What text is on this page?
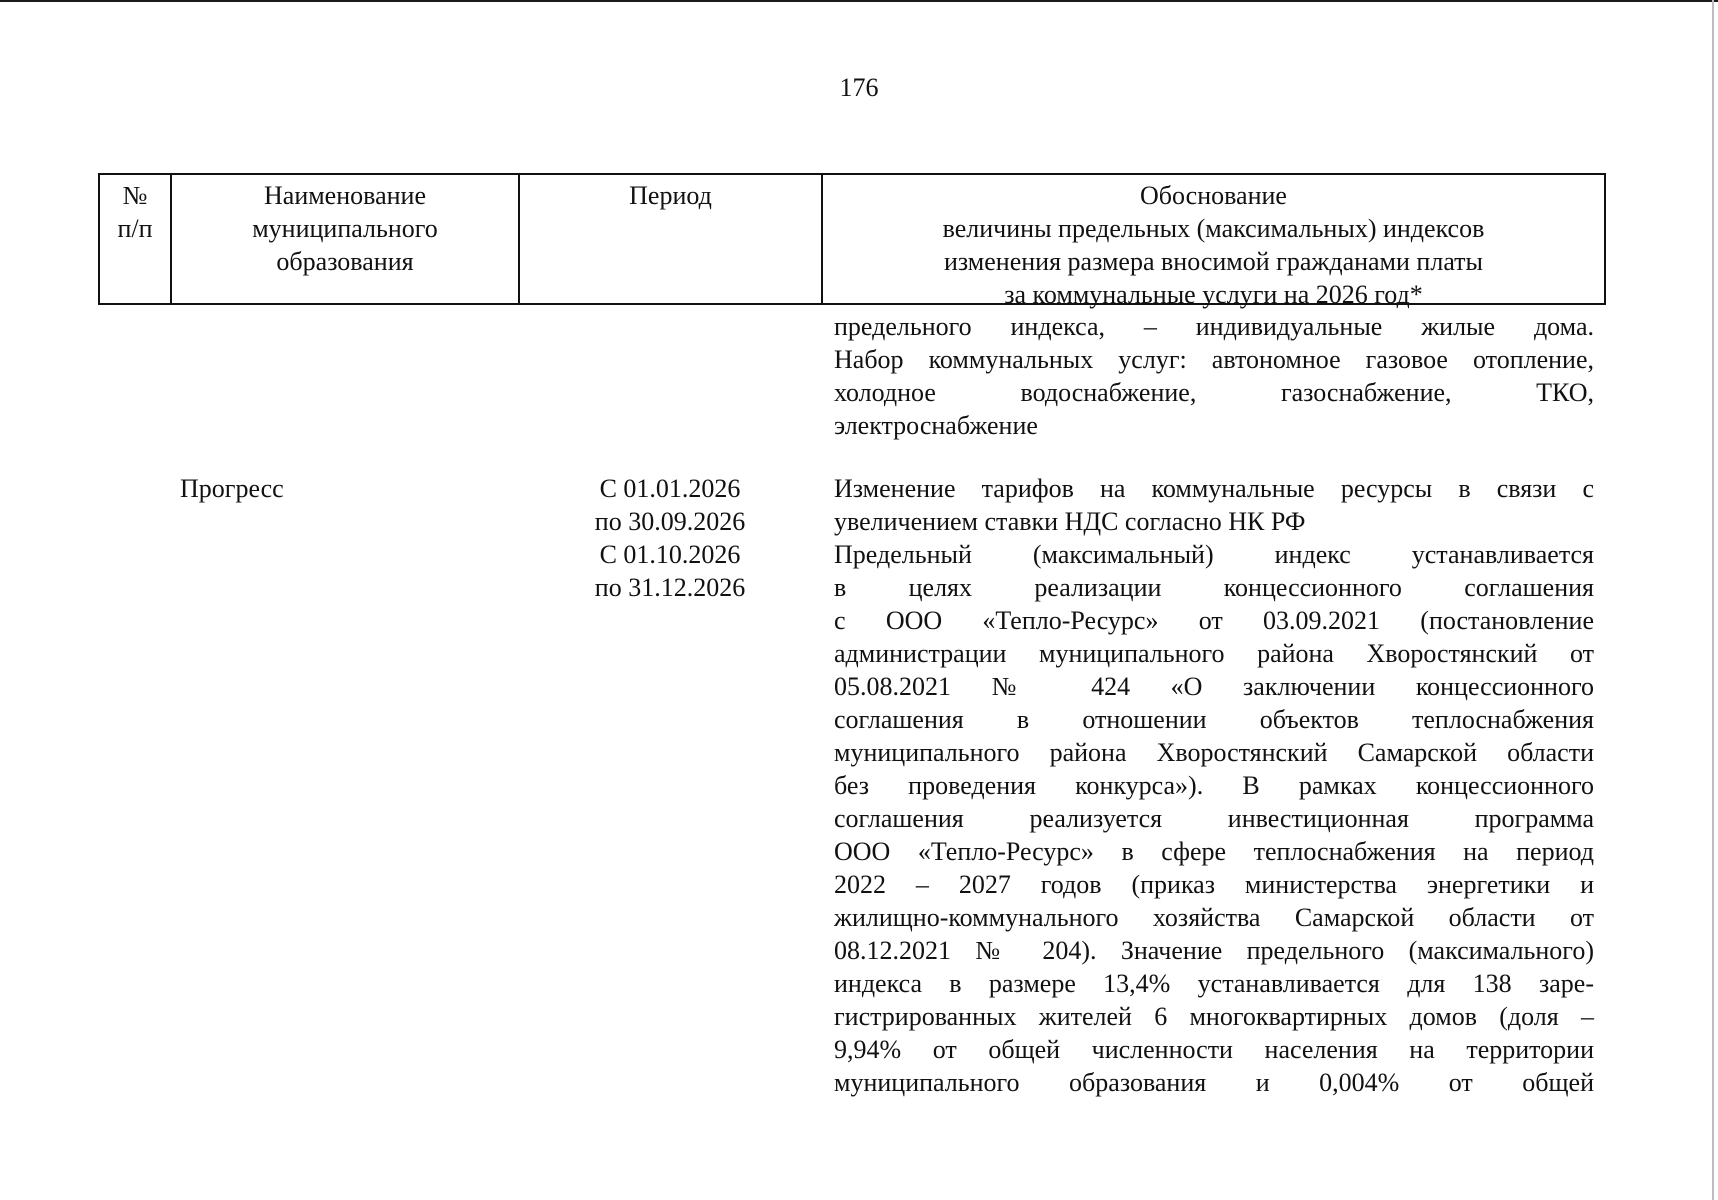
176
№
п/п
Наименование
муниципального
образования
Период	Обоснование
величины предельных (максимальных) индексов
изменения размера вносимой гражданами платы
за коммунальные услуги на 2026 год*
предельного индекса, – индивидуальные жилые дома.
Набор коммунальных услуг: автономное газовое отопление,
холодное водоснабжение, газоснабжение, ТКО,
электроснабжение
Прогресс	С 01.01.2026
по 30.09.2026
С 01.10.2026
по 31.12.2026
Изменение тарифов на коммунальные ресурсы в связи с
увеличением ставки НДС согласно НК РФ
Предельный (максимальный) индекс устанавливается
в целях реализации концессионного соглашения
с ООО «Тепло-Ресурс» от 03.09.2021 (постановление
администрации муниципального района Хворостянский от
05.08.2021 № 424 «О заключении концессионного
соглашения в отношении объектов теплоснабжения
муниципального района Хворостянский Самарской области
без проведения конкурса»). В рамках концессионного
соглашения реализуется инвестиционная программа
ООО «Тепло-Ресурс» в сфере теплоснабжения на период
2022 – 2027 годов (приказ министерства энергетики и
жилищно-коммунального хозяйства Самарской области от
08.12.2021 № 204). Значение предельного (максимального)
индекса в размере 13,4% устанавливается для 138 заре-
гистрированных жителей 6 многоквартирных домов (доля –
9,94% от общей численности населения на территории
муниципального образования и 0,004% от общей
